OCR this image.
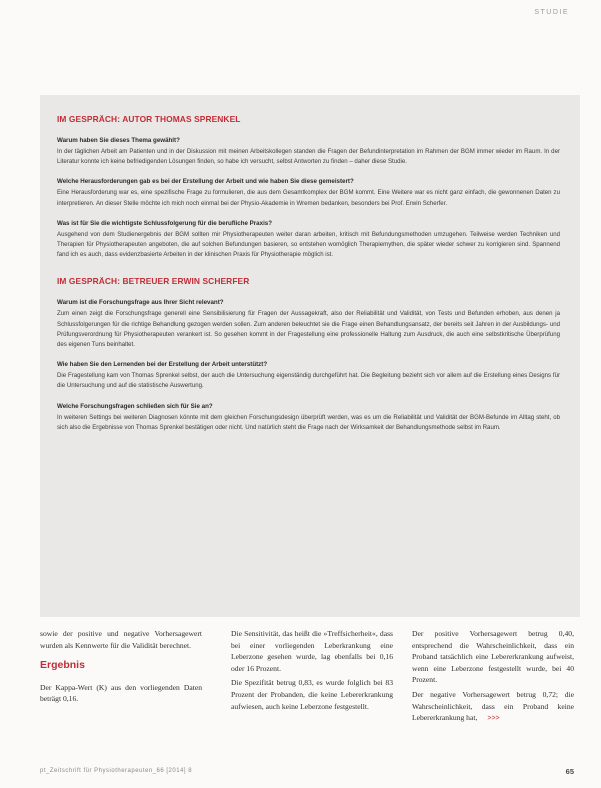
STUDIE
IM GESPRÄCH: AUTOR THOMAS SPRENKEL
Warum haben Sie dieses Thema gewählt?
In der täglichen Arbeit am Patienten und in der Diskussion mit meinen Arbeitskollegen standen die Fragen der Befundinterpretation im Rahmen der BGM immer wieder im Raum. In der Literatur konnte ich keine befriedigenden Lösungen finden, so habe ich versucht, selbst Antworten zu finden – daher diese Studie.
Welche Herausforderungen gab es bei der Erstellung der Arbeit und wie haben Sie diese gemeistert?
Eine Herausforderung war es, eine spezifische Frage zu formulieren, die aus dem Gesamtkomplex der BGM kommt. Eine Weitere war es nicht ganz einfach, die gewonnenen Daten zu interpretieren. An dieser Stelle möchte ich mich noch einmal bei der Physio-Akademie in Wremen bedanken, besonders bei Prof. Erwin Scherfer.
Was ist für Sie die wichtigste Schlussfolgerung für die berufliche Praxis?
Ausgehend von dem Studienergebnis der BGM sollten mir Physiotherapeuten weiter daran arbeiten, kritisch mit Befundungsmethoden umzugehen. Teilweise werden Techniken und Therapien für Physiotherapeuten angeboten, die auf solchen Befundungen basieren, so entstehen womöglich Therapiemythen, die später wieder schwer zu korrigieren sind. Spannend fand ich es auch, dass evidenzbasierte Arbeiten in der klinischen Praxis für Physiotherapie möglich ist.
IM GESPRÄCH: BETREUER ERWIN SCHERFER
Warum ist die Forschungsfrage aus Ihrer Sicht relevant?
Zum einen zeigt die Forschungsfrage generell eine Sensibilisierung für Fragen der Aussagekraft, also der Reliabilität und Validität, von Tests und Befunden erhoben, aus denen ja Schlussfolgerungen für die richtige Behandlung gezogen werden sollen. Zum anderen beleuchtet sie die Frage einen Behandlungsansatz, der bereits seit Jahren in der Ausbildungs- und Prüfungsverordnung für Physiotherapeuten verankert ist. So gesehen kommt in der Fragestellung eine professionelle Haltung zum Ausdruck, die auch eine selbstkritische Überprüfung des eigenen Tuns beinhaltet.
Wie haben Sie den Lernenden bei der Erstellung der Arbeit unterstützt?
Die Fragestellung kam von Thomas Sprenkel selbst, der auch die Untersuchung eigenständig durchgeführt hat. Die Begleitung bezieht sich vor allem auf die Erstellung eines Designs für die Untersuchung und auf die statistische Auswertung.
Welche Forschungsfragen schließen sich für Sie an?
In weiteren Settings bei weiteren Diagnosen könnte mit dem gleichen Forschungsdesign überprüft werden, was es um die Reliabilität und Validität der BGM-Befunde im Alltag steht, ob sich also die Ergebnisse von Thomas Sprenkel bestätigen oder nicht. Und natürlich steht die Frage nach der Wirksamkeit der Behandlungsmethode selbst im Raum.

sowie der positive und negative Vorhersagewert wurden als Kennwerte für die Validität berechnet.

Ergebnis

Der Kappa-Wert (K) aus den vorliegenden Daten beträgt 0,16.

Die Sensitivität, das heißt die »Treffsicherheit«, dass bei einer vorliegenden Leberkrankung eine Leberzone gesehen wurde, lag ebenfalls bei 0,16 oder 16 Prozent.

Die Spezifität betrug 0,83, es wurde folglich bei 83 Prozent der Probanden, die keine Lebererkrankung aufwiesen, auch keine Leberzone festgestellt.

Der positive Vorhersagewert betrug 0,40, entsprechend die Wahrscheinlichkeit, dass ein Proband tatsächlich eine Lebererkrankung aufweist, wenn eine Leberzone festgestellt wurde, bei 40 Prozent.

Der negative Vorhersagewert betrug 0,72; die Wahrscheinlichkeit, dass ein Proband keine Lebererkrankung hat, >>>

pt_Zeitschrift für Physiotherapeuten_66 [2014] 8	65
